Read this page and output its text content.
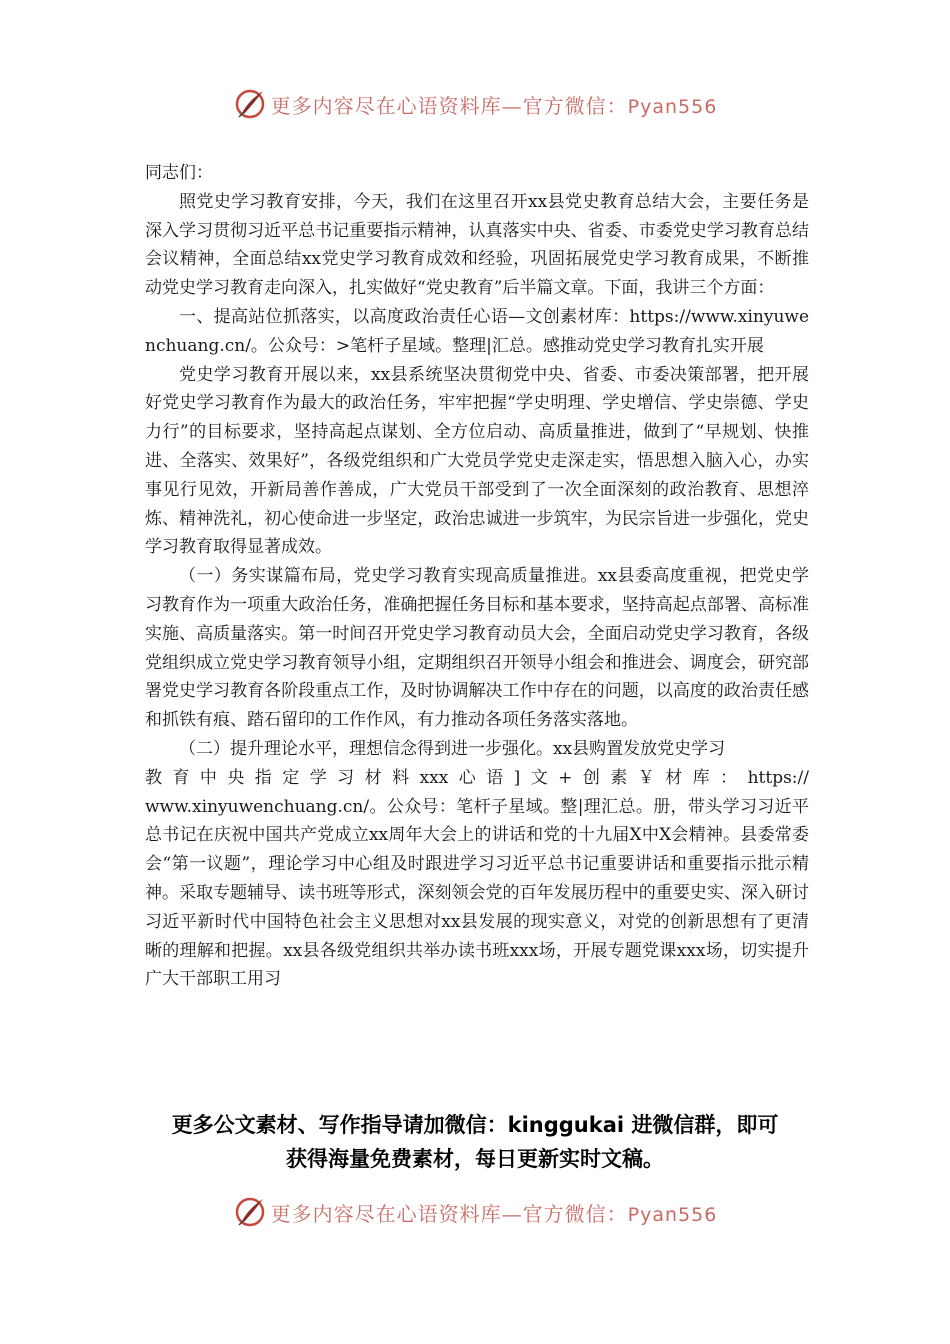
更多内容尽在心语资料库—官方微信：Pyan556

同志们：

照党史学习教育安排，今天，我们在这里召开xx县党史教育总结大会，主要任务是深入学习贯彻习近平总书记重要指示精神，认真落实中央、省委、市委党史学习教育总结会议精神，全面总结xx党史学习教育成效和经验，巩固拓展党史学习教育成果，不断推动党史学习教育走向深入，扎实做好“党史教育”后半篇文章。下面，我讲三个方面：

一、提高站位抓落实，以高度政治责任心语—文创素材库：https://www.xinyuwenchuang.cn/。公众号：>笔杆子星域。整理|汇总。感推动党史学习教育扎实开展

党史学习教育开展以来，xx县系统坚决贯彻党中央、省委、市委决策部署，把开展好党史学习教育作为最大的政治任务，牢牢把握“学史明理、学史增信、学史崇德、学史力行”的目标要求，坚持高起点谋划、全方位启动、高质量推进，做到了“早规划、快推进、全落实、效果好”，各级党组织和广大党员学党史走深走实，悟思想入脑入心，办实事见行见效，开新局善作善成，广大党员干部受到了一次全面深刻的政治教育、思想淬炼、精神洗礼，初心使命进一步坚定，政治忠诚进一步筑牢，为民宗旨进一步强化，党史学习教育取得显著成效。

（一）务实谋篇布局，党史学习教育实现高质量推进。xx县委高度重视，把党史学习教育作为一项重大政治任务，准确把握任务目标和基本要求，坚持高起点部署、高标准实施、高质量落实。第一时间召开党史学习教育动员大会，全面启动党史学习教育，各级党组织成立党史学习教育领导小组，定期组织召开领导小组会和推进会、调度会，研究部署党史学习教育各阶段重点工作，及时协调解决工作中存在的问题，以高度的政治责任感和抓铁有痕、踏石留印的工作作风，有力推动各项任务落实落地。

（二）提升理论水平，理想信念得到进一步强化。xx县购置发放党史学习

教育中央指定学习材料xxx心语]文+创素￥材库：https://

www.xinyuwenchuang.cn/。公众号：笔杆子星域。整|理汇总。册，带头学习习近平总书记在庆祝中国共产党成立xx周年大会上的讲话和党的十九届X中X会精神。县委常委会“第一议题”，理论学习中心组及时跟进学习习近平总书记重要讲话和重要指示批示精神。采取专题辅导、读书班等形式，深刻领会党的百年发展历程中的重要史实、深入研讨习近平新时代中国特色社会主义思想对xx县发展的现实意义，对党的创新思想有了更清晰的理解和把握。xx县各级党组织共举办读书班xxx场，开展专题党课xxx场，切实提升广大干部职工用习

更多公文素材、写作指导请加微信：kinggukai 进微信群，即可
获得海量免费素材，每日更新实时文稿。
更多内容尽在心语资料库—官方微信：Pyan556
